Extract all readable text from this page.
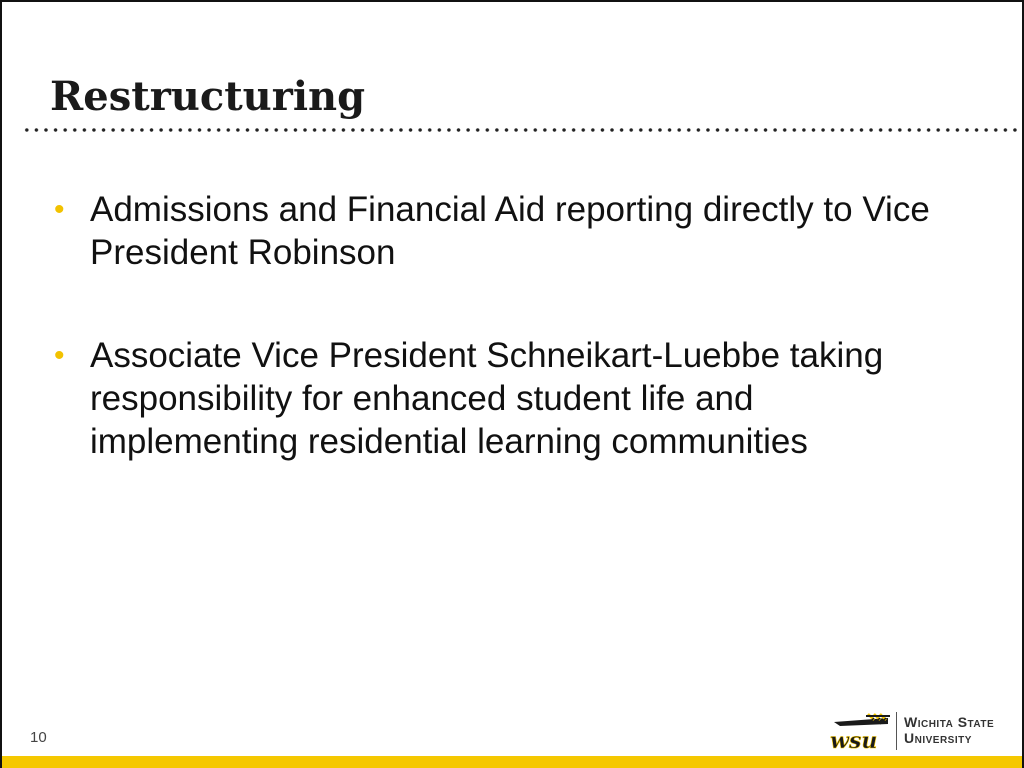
Restructuring
• Admissions and Financial Aid reporting directly to Vice President Robinson
• Associate Vice President Schneikart-Luebbe taking responsibility for enhanced student life and implementing residential learning communities
10	wsu
Wichita State
University
